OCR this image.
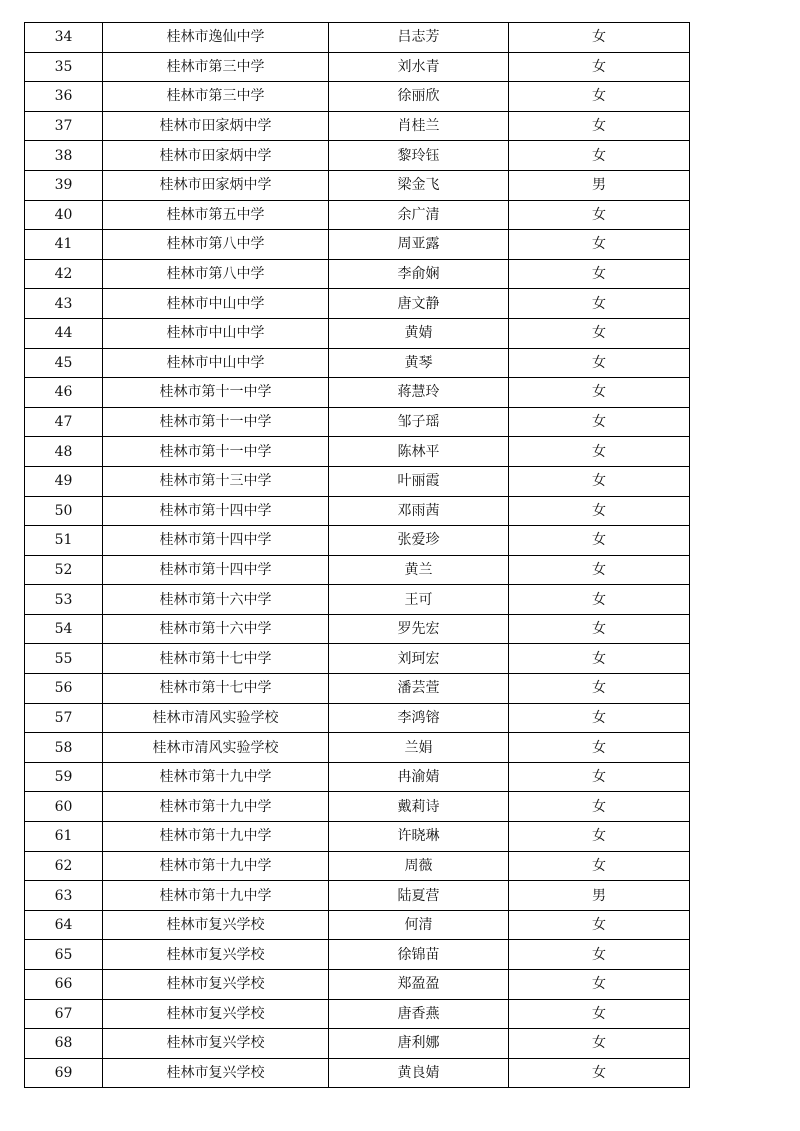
34	桂林市逸仙中学	吕志芳	女
35	桂林市第三中学	刘水青	女
36	桂林市第三中学	徐丽欣	女
37	桂林市田家炳中学	肖桂兰	女
38	桂林市田家炳中学	黎玲钰	女
39	桂林市田家炳中学	梁金飞	男
40	桂林市第五中学	余广清	女
41	桂林市第八中学	周亚露	女
42	桂林市第八中学	李俞娴	女
43	桂林市中山中学	唐文静	女
44	桂林市中山中学	黄婧	女
45	桂林市中山中学	黄琴	女
46	桂林市第十一中学	蒋慧玲	女
47	桂林市第十一中学	邹子瑶	女
48	桂林市第十一中学	陈林平	女
49	桂林市第十三中学	叶丽霞	女
50	桂林市第十四中学	邓雨茜	女
51	桂林市第十四中学	张爱珍	女
52	桂林市第十四中学	黄兰	女
53	桂林市第十六中学	王可	女
54	桂林市第十六中学	罗先宏	女
55	桂林市第十七中学	刘珂宏	女
56	桂林市第十七中学	潘芸萱	女
57	桂林市清风实验学校	李鸿镕	女
58	桂林市清风实验学校	兰娟	女
59	桂林市第十九中学	冉渝婧	女
60	桂林市第十九中学	戴莉诗	女
61	桂林市第十九中学	许晓琳	女
62	桂林市第十九中学	周薇	女
63	桂林市第十九中学	陆夏营	男
64	桂林市复兴学校	何清	女
65	桂林市复兴学校	徐锦苗	女
66	桂林市复兴学校	郑盈盈	女
67	桂林市复兴学校	唐香燕	女
68	桂林市复兴学校	唐利娜	女
69	桂林市复兴学校	黄良婧	女
